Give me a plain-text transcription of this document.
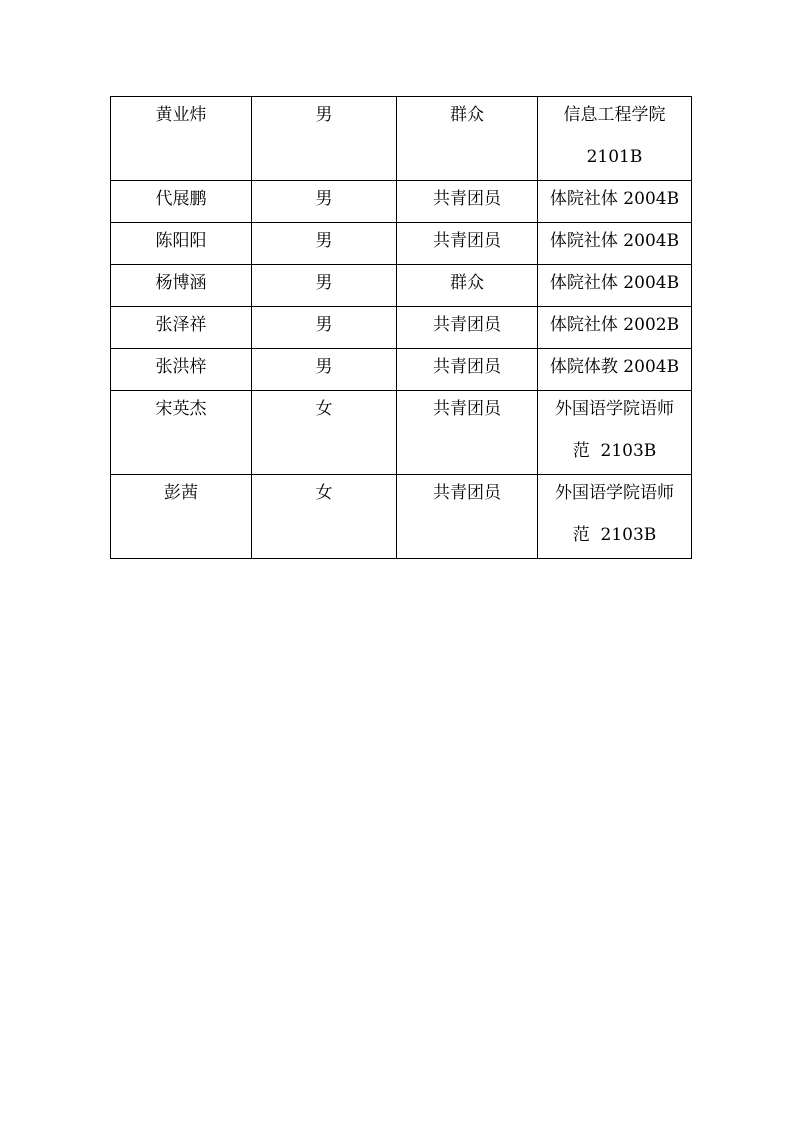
黄业炜	男	群众	信息工程学院
2101B

代展鹏	男	共青团员	体院社体 2004B

陈阳阳	男	共青团员	体院社体 2004B

杨博涵	男	群众	体院社体 2004B

张泽祥	男	共青团员	体院社体 2002B

张洪梓	男	共青团员	体院体教 2004B

宋英杰	女	共青团员	外国语学院语师
范  2103B

彭茜	女	共青团员	外国语学院语师
范  2103B
